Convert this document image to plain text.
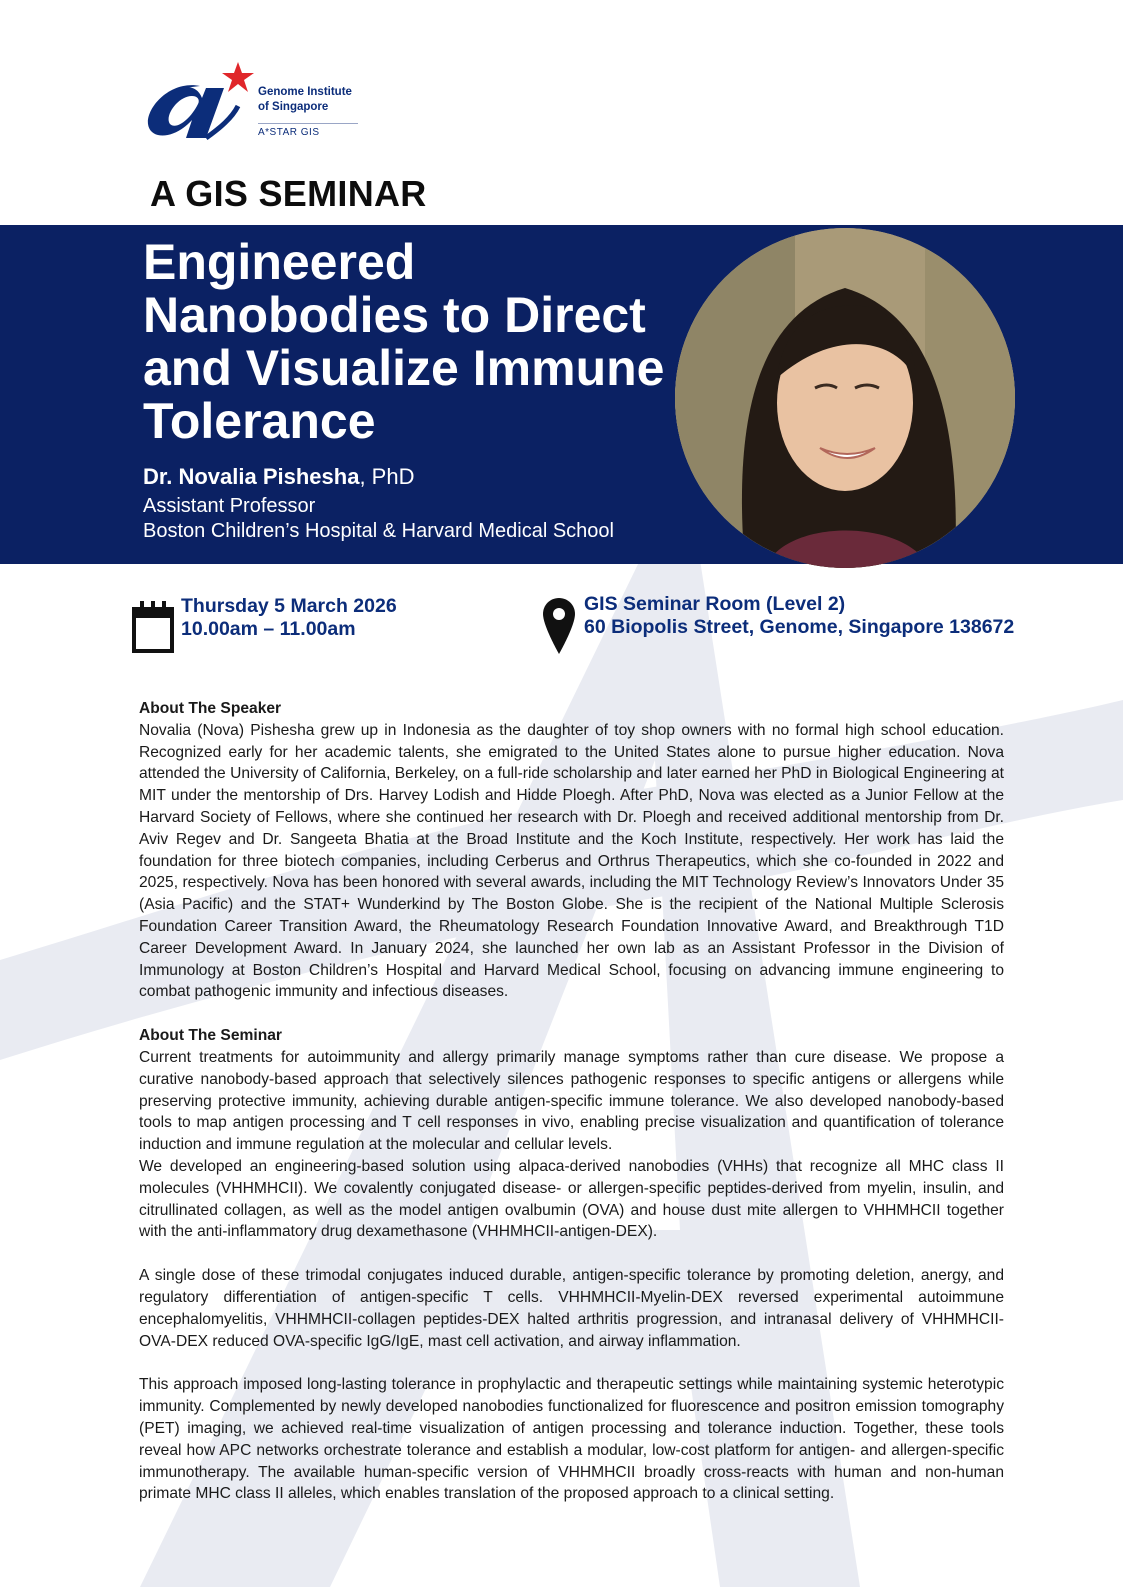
Genome Institute
of Singapore
A*STAR GIS
A GIS SEMINAR
Engineered Nanobodies to Direct and Visualize Immune Tolerance
Dr. Novalia Pishesha, PhD
Assistant Professor
Boston Children’s Hospital & Harvard Medical School
Thursday 5 March 2026
10.00am – 11.00am
GIS Seminar Room (Level 2)
60 Biopolis Street, Genome, Singapore 138672
About The Speaker

Novalia (Nova) Pishesha grew up in Indonesia as the daughter of toy shop owners with no formal high school education. Recognized early for her academic talents, she emigrated to the United States alone to pursue higher education. Nova attended the University of California, Berkeley, on a full-ride scholarship and later earned her PhD in Biological Engineering at MIT under the mentorship of Drs. Harvey Lodish and Hidde Ploegh. After PhD, Nova was elected as a Junior Fellow at the Harvard Society of Fellows, where she continued her research with Dr. Ploegh and received additional mentorship from Dr. Aviv Regev and Dr. Sangeeta Bhatia at the Broad Institute and the Koch Institute, respectively. Her work has laid the foundation for three biotech companies, including Cerberus and Orthrus Therapeutics, which she co-founded in 2022 and 2025, respectively. Nova has been honored with several awards, including the MIT Technology Review’s Innovators Under 35 (Asia Pacific) and the STAT+ Wunderkind by The Boston Globe. She is the recipient of the National Multiple Sclerosis Foundation Career Transition Award, the Rheumatology Research Foundation Innovative Award, and Breakthrough T1D Career Development Award. In January 2024, she launched her own lab as an Assistant Professor in the Division of Immunology at Boston Children’s Hospital and Harvard Medical School, focusing on advancing immune engineering to combat pathogenic immunity and infectious diseases.

About The Seminar

Current treatments for autoimmunity and allergy primarily manage symptoms rather than cure disease. We propose a curative nanobody-based approach that selectively silences pathogenic responses to specific antigens or allergens while preserving protective immunity, achieving durable antigen-specific immune tolerance. We also developed nanobody-based tools to map antigen processing and T cell responses in vivo, enabling precise visualization and quantification of tolerance induction and immune regulation at the molecular and cellular levels.

We developed an engineering-based solution using alpaca-derived nanobodies (VHHs) that recognize all MHC class II molecules (VHHMHCII). We covalently conjugated disease- or allergen-specific peptides-derived from myelin, insulin, and citrullinated collagen, as well as the model antigen ovalbumin (OVA) and house dust mite allergen to VHHMHCII together with the anti-inflammatory drug dexamethasone (VHHMHCII-antigen-DEX).

A single dose of these trimodal conjugates induced durable, antigen-specific tolerance by promoting deletion, anergy, and regulatory differentiation of antigen-specific T cells. VHHMHCII-Myelin-DEX reversed experimental autoimmune encephalomyelitis, VHHMHCII-collagen peptides-DEX halted arthritis progression, and intranasal delivery of VHHMHCII-OVA-DEX reduced OVA-specific IgG/IgE, mast cell activation, and airway inflammation.

This approach imposed long-lasting tolerance in prophylactic and therapeutic settings while maintaining systemic heterotypic immunity. Complemented by newly developed nanobodies functionalized for fluorescence and positron emission tomography (PET) imaging, we achieved real-time visualization of antigen processing and tolerance induction. Together, these tools reveal how APC networks orchestrate tolerance and establish a modular, low-cost platform for antigen- and allergen-specific immunotherapy. The available human-specific version of VHHMHCII broadly cross-reacts with human and non-human primate MHC class II alleles, which enables translation of the proposed approach to a clinical setting.
